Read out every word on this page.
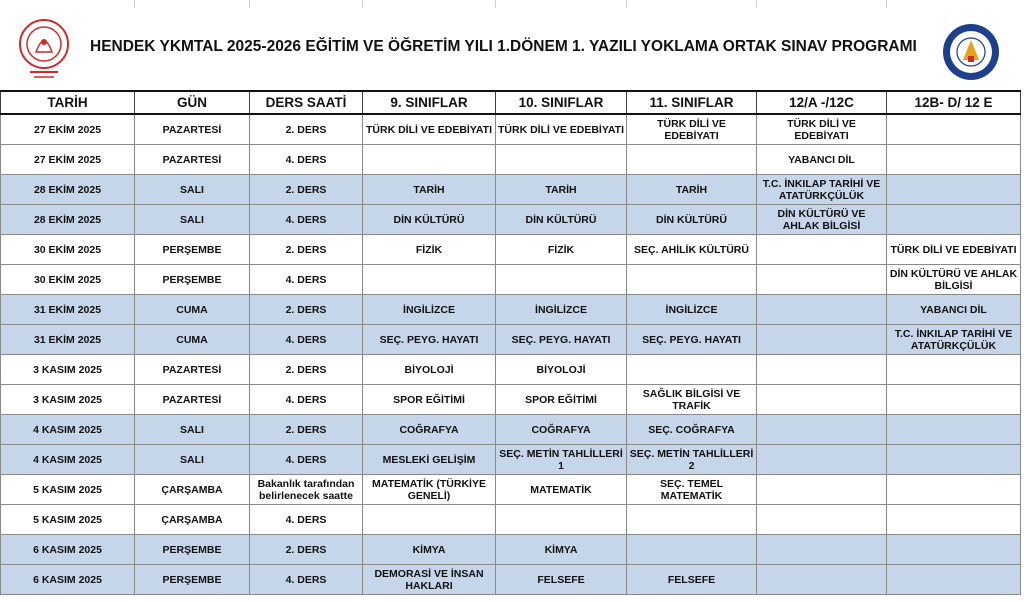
HENDEK YKMTAL 2025-2026 EĞİTİM VE ÖĞRETİM YILI 1.DÖNEM 1. YAZILI YOKLAMA ORTAK SINAV PROGRAMI
TARİH	GÜN	DERS SAATİ	9. SINIFLAR	10. SINIFLAR	11. SINIFLAR	12/A -/12C	12B- D/ 12 E
27 EKİM 2025	PAZARTESİ	2. DERS	TÜRK DİLİ VE EDEBİYATI	TÜRK DİLİ VE EDEBİYATI	TÜRK DİLİ VE EDEBİYATI	TÜRK DİLİ VE EDEBİYATI	
27 EKİM 2025	PAZARTESİ	4. DERS				YABANCI DİL	
28 EKİM 2025	SALI	2. DERS	TARİH	TARİH	TARİH	T.C. İNKILAP TARİHİ VE ATATÜRKÇÜLÜK	
28 EKİM 2025	SALI	4. DERS	DİN KÜLTÜRÜ	DİN KÜLTÜRÜ	DİN KÜLTÜRÜ	DİN KÜLTÜRÜ VE AHLAK BİLGİSİ	
30 EKİM 2025	PERŞEMBE	2. DERS	FİZİK	FİZİK	SEÇ. AHİLİK KÜLTÜRÜ		TÜRK DİLİ VE EDEBİYATI
30 EKİM 2025	PERŞEMBE	4. DERS					DİN KÜLTÜRÜ VE AHLAK BİLGİSİ
31 EKİM 2025	CUMA	2. DERS	İNGİLİZCE	İNGİLİZCE	İNGİLİZCE		YABANCI DİL
31 EKİM 2025	CUMA	4. DERS	SEÇ. PEYG. HAYATI	SEÇ. PEYG. HAYATI	SEÇ. PEYG. HAYATI		T.C. İNKILAP TARİHİ VE ATATÜRKÇÜLÜK
3 KASIM 2025	PAZARTESİ	2. DERS	BİYOLOJİ	BİYOLOJİ			
3 KASIM 2025	PAZARTESİ	4. DERS	SPOR EĞİTİMİ	SPOR EĞİTİMİ	SAĞLIK BİLGİSİ VE TRAFİK		
4 KASIM 2025	SALI	2. DERS	COĞRAFYA	COĞRAFYA	SEÇ. COĞRAFYA		
4 KASIM 2025	SALI	4. DERS	MESLEKİ GELİŞİM	SEÇ. METİN TAHLİLLERİ 1	SEÇ. METİN TAHLİLLERİ 2		
5 KASIM 2025	ÇARŞAMBA	Bakanlık tarafından belirlenecek saatte	MATEMATİK (TÜRKİYE GENELİ)	MATEMATİK	SEÇ. TEMEL MATEMATİK		
5 KASIM 2025	ÇARŞAMBA	4. DERS					
6 KASIM 2025	PERŞEMBE	2. DERS	KİMYA	KİMYA			
6 KASIM 2025	PERŞEMBE	4. DERS	DEMORASİ VE İNSAN HAKLARI	FELSEFE	FELSEFE		
